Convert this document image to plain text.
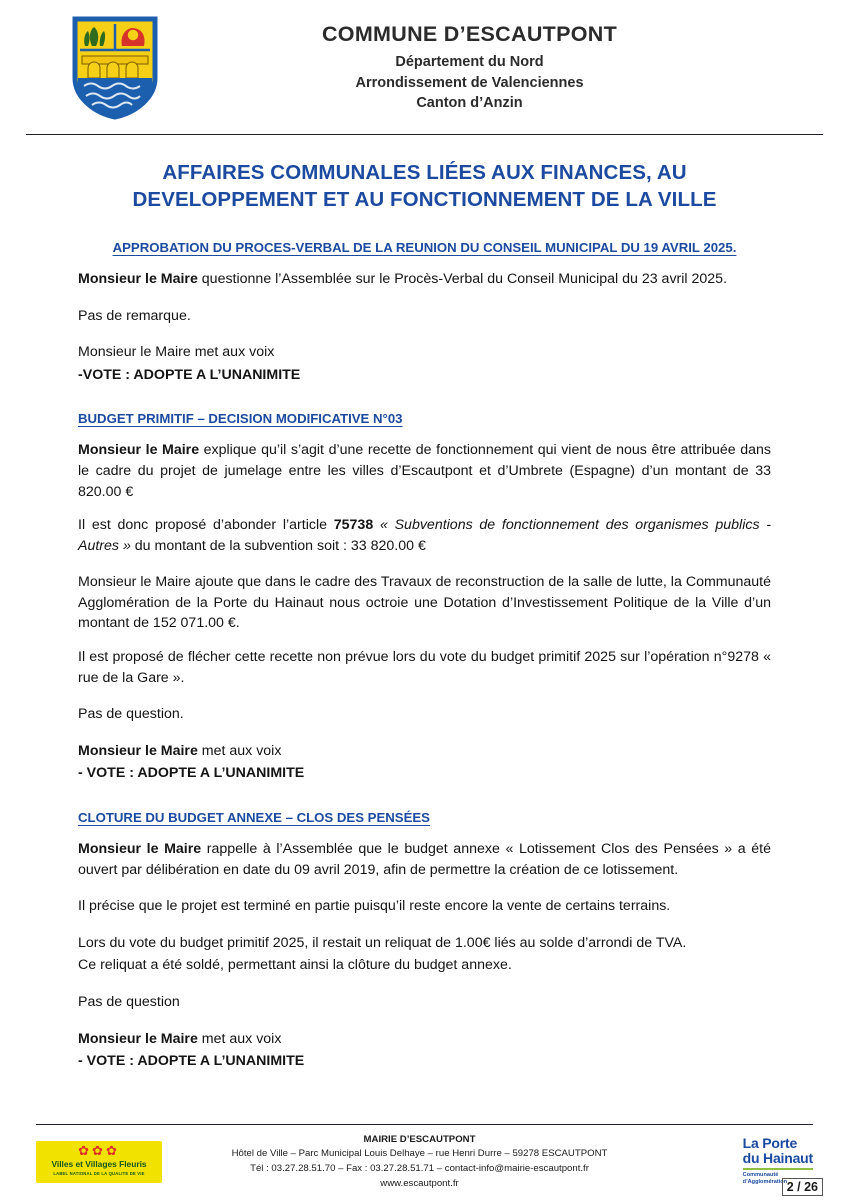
COMMUNE D’ESCAUTPONT
Département du Nord
Arrondissement de Valenciennes
Canton d’Anzin
AFFAIRES COMMUNALES LIÉES AUX FINANCES, AU
DEVELOPPEMENT ET AU FONCTIONNEMENT DE LA VILLE
APPROBATION DU PROCES-VERBAL DE LA REUNION DU CONSEIL MUNICIPAL DU 19 AVRIL 2025.

Monsieur le Maire questionne l’Assemblée sur le Procès-Verbal du Conseil Municipal du 23 avril 2025.

Pas de remarque.

Monsieur le Maire met aux voix

-VOTE : ADOPTE A L’UNANIMITE

BUDGET PRIMITIF – DECISION MODIFICATIVE N°03

Monsieur le Maire explique qu’il s’agit d’une recette de fonctionnement qui vient de nous être attribuée dans le cadre du projet de jumelage entre les villes d’Escautpont et d’Umbrete (Espagne) d’un montant de 33 820.00 €

Il est donc proposé d’abonder l’article 75738 « Subventions de fonctionnement des organismes publics - Autres » du montant de la subvention soit : 33 820.00 €

Monsieur le Maire ajoute que dans le cadre des Travaux de reconstruction de la salle de lutte, la Communauté Agglomération de la Porte du Hainaut nous octroie une Dotation d’Investissement Politique de la Ville d’un montant de 152 071.00 €.

Il est proposé de flécher cette recette non prévue lors du vote du budget primitif 2025 sur l’opération n°9278 « rue de la Gare ».

Pas de question.

Monsieur le Maire met aux voix

- VOTE : ADOPTE A L’UNANIMITE

CLOTURE DU BUDGET ANNEXE – CLOS DES PENSÉES

Monsieur le Maire rappelle à l’Assemblée que le budget annexe « Lotissement Clos des Pensées » a été ouvert par délibération en date du 09 avril 2019, afin de permettre la création de ce lotissement.

Il précise que le projet est terminé en partie puisqu’il reste encore la vente de certains terrains.

Lors du vote du budget primitif 2025, il restait un reliquat de 1.00€ liés au solde d’arrondi de TVA.

Ce reliquat a été soldé, permettant ainsi la clôture du budget annexe.

Pas de question

Monsieur le Maire met aux voix

- VOTE : ADOPTE A L’UNANIMITE

✿✿✿
Villes et Villages Fleuris
LABEL NATIONAL DE LA QUALITE DE VIE
MAIRIE D’ESCAUTPONT
Hôtel de Ville – Parc Municipal Louis Delhaye – rue Henri Durre – 59278 ESCAUTPONT
Tél : 03.27.28.51.70 – Fax : 03.27.28.51.71 – contact-info@mairie-escautpont.fr
www.escautpont.fr
La Porte
du Hainaut
Communauté
d’Agglomération 2 / 26
